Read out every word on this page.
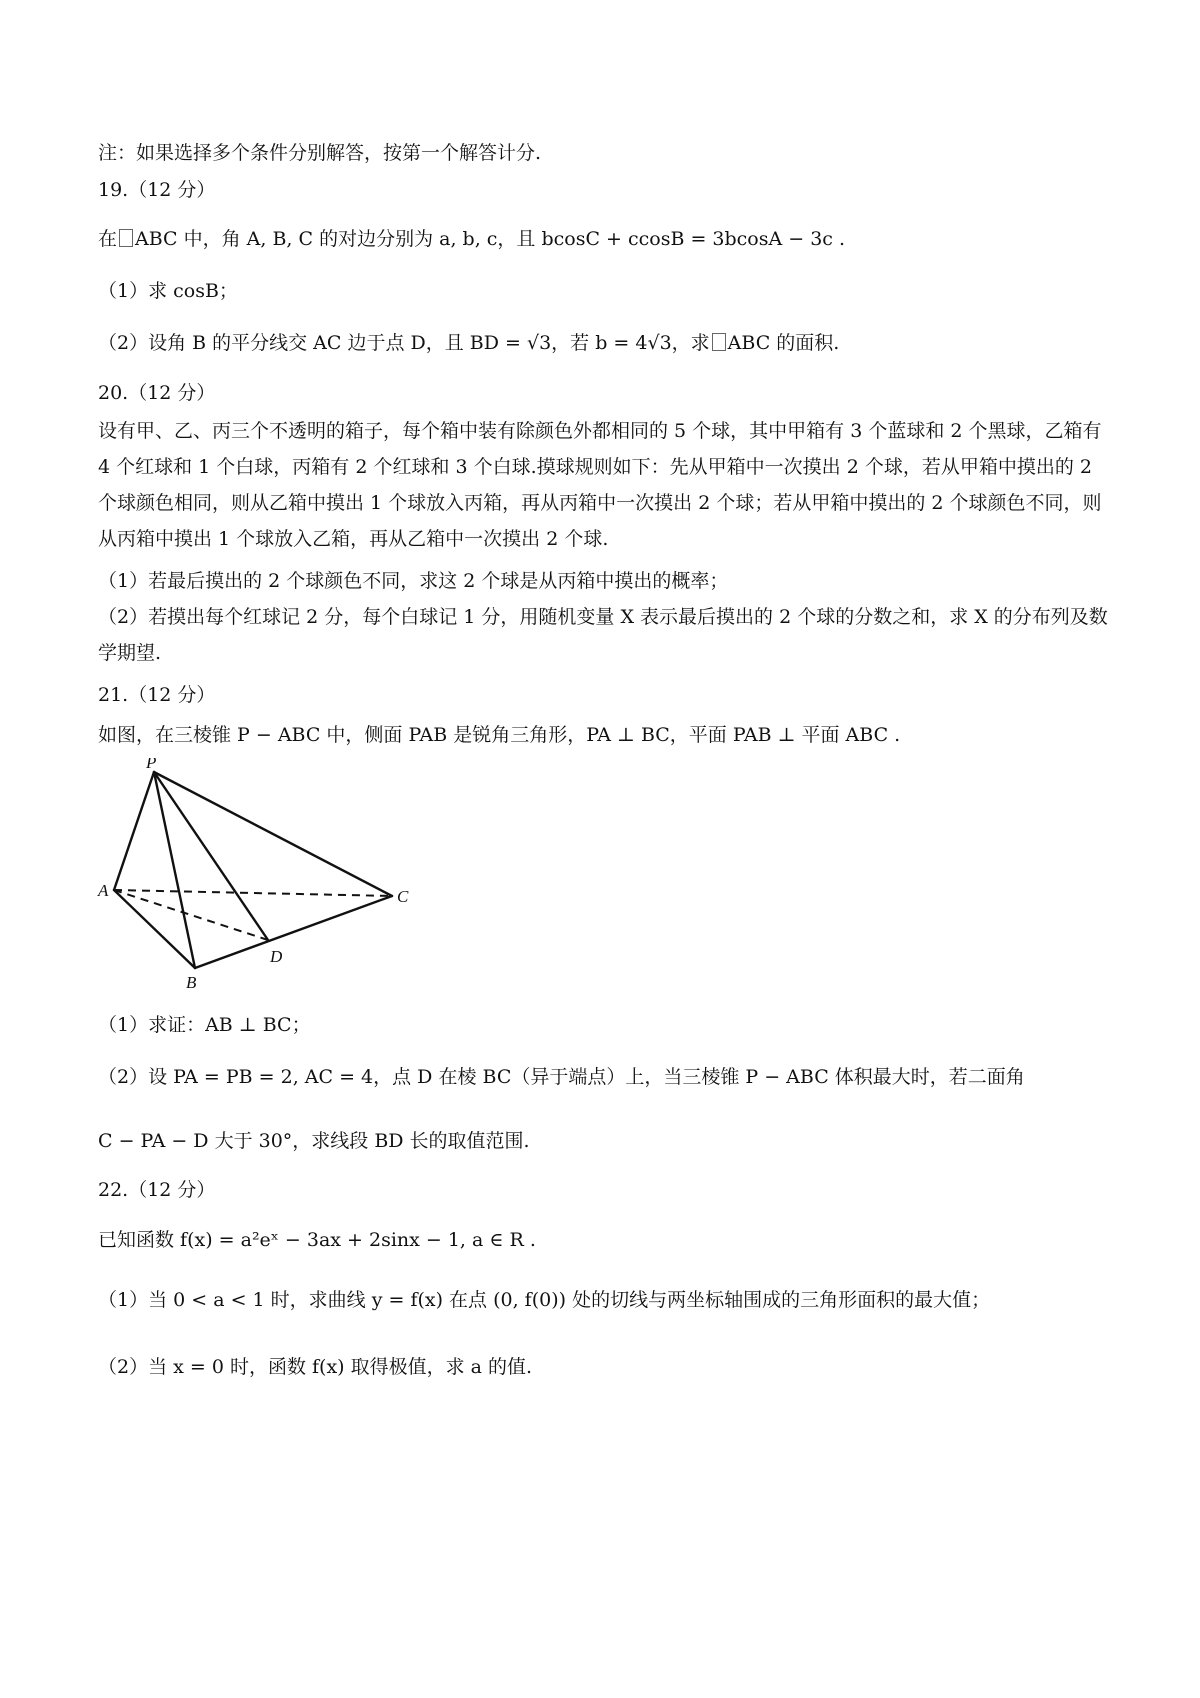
注：如果选择多个条件分别解答，按第一个解答计分.
19.（12 分）
在 ABC 中，角 A, B, C 的对边分别为 a, b, c，且 bcosC + ccosB = 3bcosA − 3c .
（1）求 cosB；
（2）设角 B 的平分线交 AC 边于点 D，且 BD = √3，若 b = 4√3，求 ABC 的面积.
20.（12 分）
设有甲、乙、丙三个不透明的箱子，每个箱中装有除颜色外都相同的 5 个球，其中甲箱有 3 个蓝球和 2 个黑球，乙箱有 4 个红球和 1 个白球，丙箱有 2 个红球和 3 个白球.摸球规则如下：先从甲箱中一次摸出 2 个球，若从甲箱中摸出的 2 个球颜色相同，则从乙箱中摸出 1 个球放入丙箱，再从丙箱中一次摸出 2 个球；若从甲箱中摸出的 2 个球颜色不同，则从丙箱中摸出 1 个球放入乙箱，再从乙箱中一次摸出 2 个球.
（1）若最后摸出的 2 个球颜色不同，求这 2 个球是从丙箱中摸出的概率；
（2）若摸出每个红球记 2 分，每个白球记 1 分，用随机变量 X 表示最后摸出的 2 个球的分数之和，求 X 的分布列及数学期望.
21.（12 分）
如图，在三棱锥 P − ABC 中，侧面 PAB 是锐角三角形，PA ⊥ BC，平面 PAB ⊥ 平面 ABC .
P
A
B
C
D
（1）求证：AB ⊥ BC；
（2）设 PA = PB = 2, AC = 4，点 D 在棱 BC（异于端点）上，当三棱锥 P − ABC 体积最大时，若二面角
C − PA − D 大于 30°，求线段 BD 长的取值范围.
22.（12 分）
已知函数 f(x) = a²eˣ − 3ax + 2sinx − 1, a ∈ R .
（1）当 0 < a < 1 时，求曲线 y = f(x) 在点 (0, f(0)) 处的切线与两坐标轴围成的三角形面积的最大值；
（2）当 x = 0 时，函数 f(x) 取得极值，求 a 的值.
